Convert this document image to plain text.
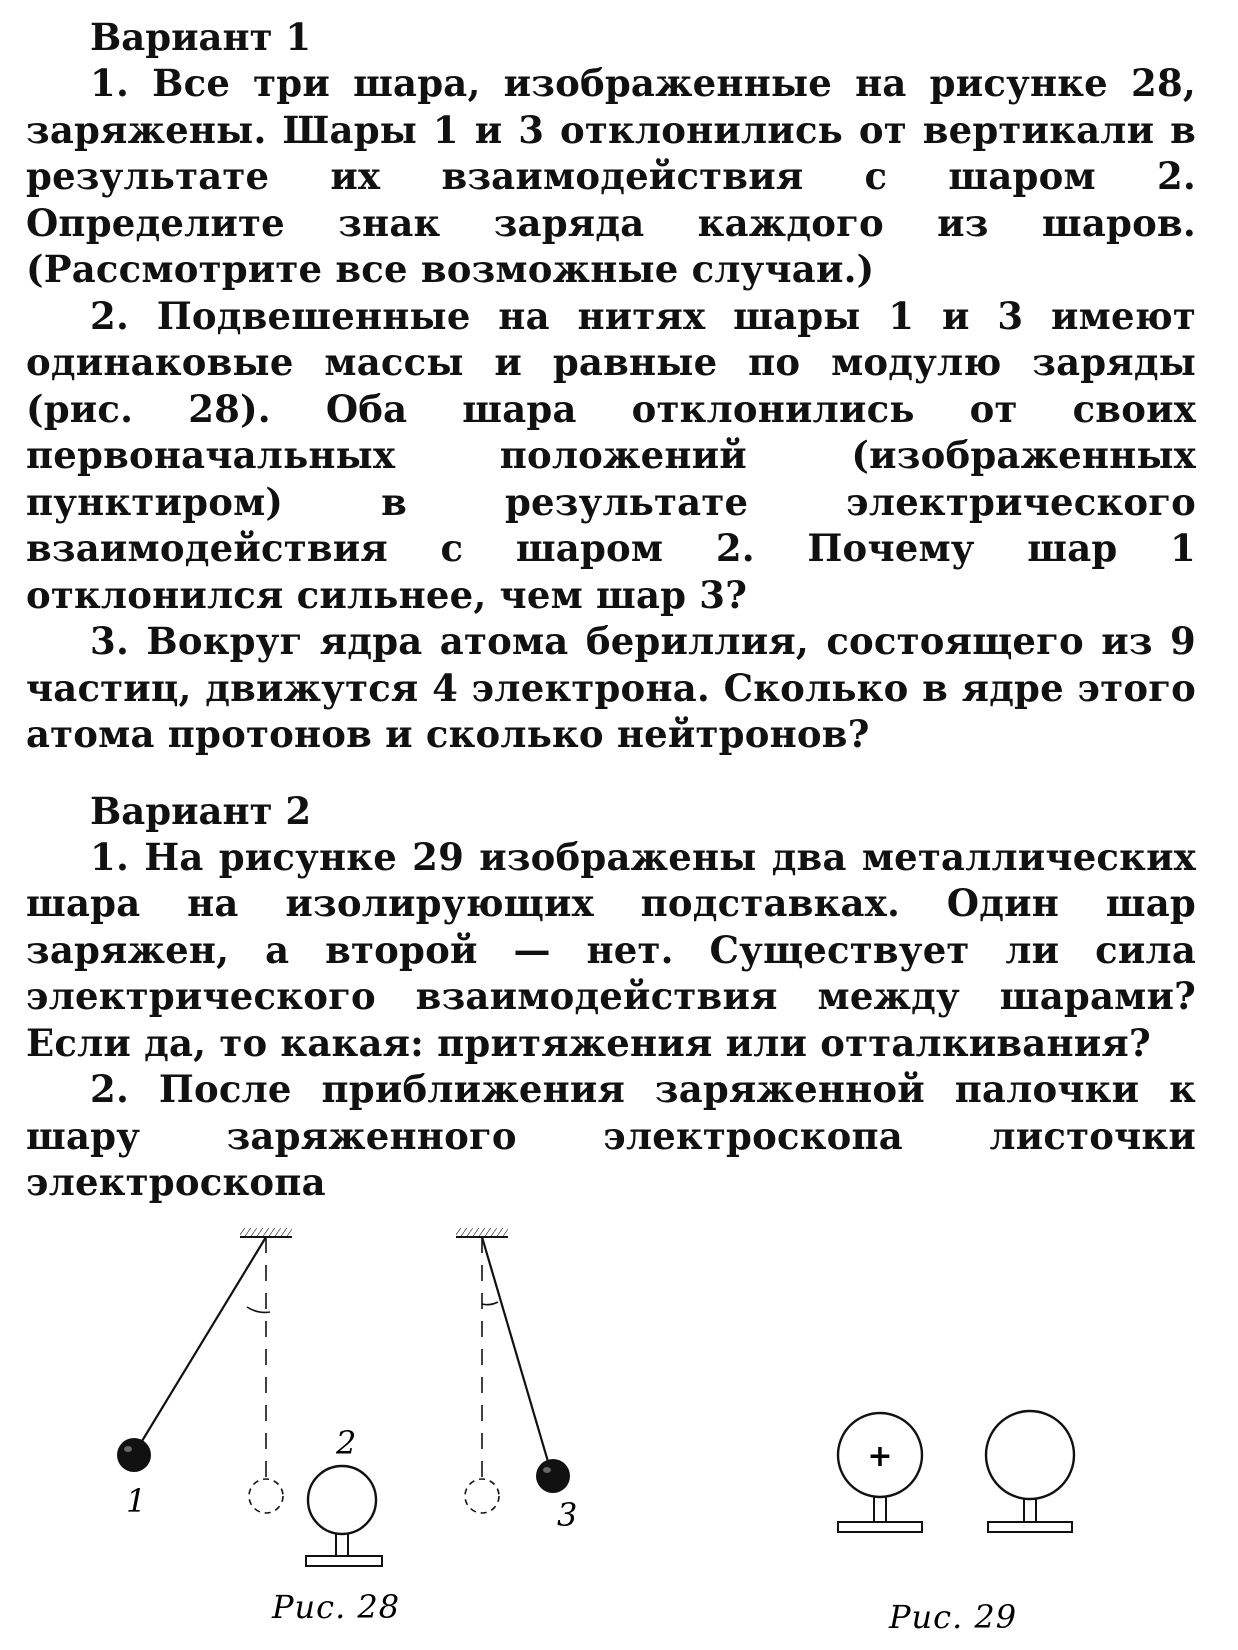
Вариант 1

1. Все три шара, изображенные на рисунке 28, заряжены. Шары 1 и 3 отклонились от вертикали в результате их взаимодействия с шаром 2. Определите знак заряда каждого из шаров. (Рассмотрите все возможные случаи.)

2. Подвешенные на нитях шары 1 и 3 имеют одинаковые массы и равные по модулю заряды (рис. 28). Оба шара отклонились от своих первоначальных положений (изображенных пунктиром) в результате электрического взаимодействия с шаром 2. Почему шар 1 отклонился сильнее, чем шар 3?

3. Вокруг ядра атома бериллия, состоящего из 9 частиц, движутся 4 электрона. Сколько в ядре этого атома протонов и сколько нейтронов?

Вариант 2

1. На рисунке 29 изображены два металлических шара на изолирующих подставках. Один шар заряжен, а второй — нет. Существует ли сила электрического взаимодействия между шарами? Если да, то какая: притяжения или отталкивания?

2. После приближения заряженной палочки к шару заряженного электроскопа листочки электроскопа

1
2
3
Рис. 28
+
Рис. 29
